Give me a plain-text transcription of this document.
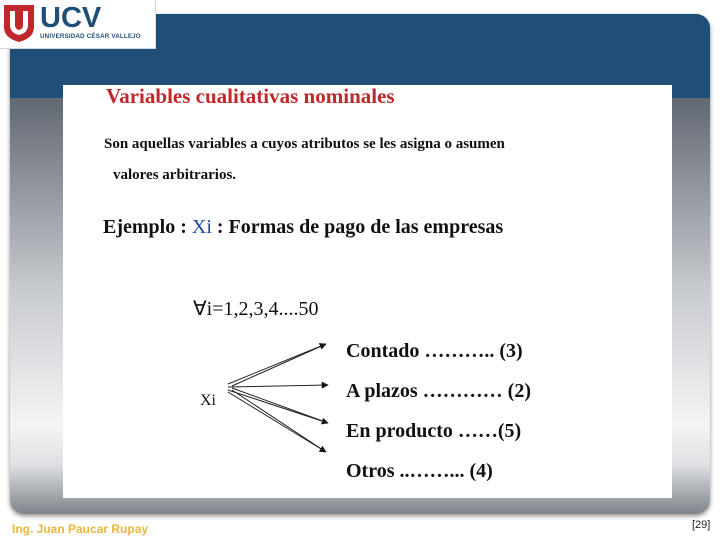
UCV
UNIVERSIDAD CÉSAR VALLEJO
Variables cualitativas nominales
Son aquellas variables a cuyos atributos se les asigna o asumen
valores arbitrarios.
Ejemplo : Xi : Formas de pago de las empresas
∀i=1,2,3,4....50
Xi
Contado ……….. (3)
A plazos ………… (2)
En producto ……(5)
Otros ..……... (4)
Ing. Juan Paucar Rupay	[29]
